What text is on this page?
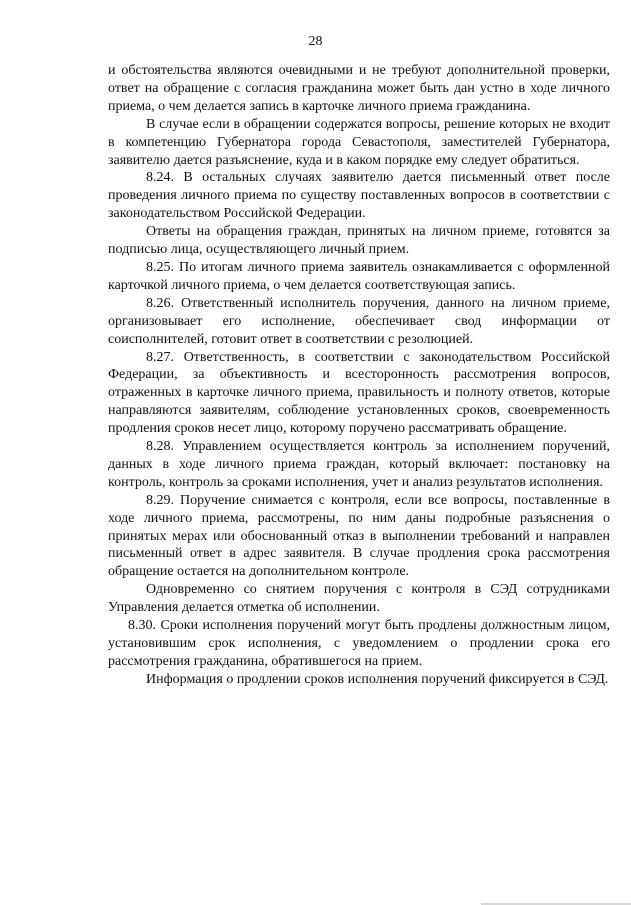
28

и обстоятельства являются очевидными и не требуют дополнительной проверки, ответ на обращение с согласия гражданина может быть дан устно в ходе личного приема, о чем делается запись в карточке личного приема гражданина.

В случае если в обращении содержатся вопросы, решение которых не входит в компетенцию Губернатора города Севастополя, заместителей Губернатора, заявителю дается разъяснение, куда и в каком порядке ему следует обратиться.

8.24. В остальных случаях заявителю дается письменный ответ после проведения личного приема по существу поставленных вопросов в соответствии с законодательством Российской Федерации.

Ответы на обращения граждан, принятых на личном приеме, готовятся за подписью лица, осуществляющего личный прием.

8.25. По итогам личного приема заявитель ознакамливается с оформленной карточкой личного приема, о чем делается соответствующая запись.

8.26. Ответственный исполнитель поручения, данного на личном приеме, организовывает его исполнение, обеспечивает свод информации от соисполнителей, готовит ответ в соответствии с резолюцией.

8.27. Ответственность, в соответствии с законодательством Российской Федерации, за объективность и всесторонность рассмотрения вопросов, отраженных в карточке личного приема, правильность и полноту ответов, которые направляются заявителям, соблюдение установленных сроков, своевременность продления сроков несет лицо, которому поручено рассматривать обращение.

8.28. Управлением осуществляется контроль за исполнением поручений, данных в ходе личного приема граждан, который включает: постановку на контроль, контроль за сроками исполнения, учет и анализ результатов исполнения.

8.29. Поручение снимается с контроля, если все вопросы, поставленные в ходе личного приема, рассмотрены, по ним даны подробные разъяснения о принятых мерах или обоснованный отказ в выполнении требований и направлен письменный ответ в адрес заявителя. В случае продления срока рассмотрения обращение остается на дополнительном контроле.

Одновременно со снятием поручения с контроля в СЭД сотрудниками Управления делается отметка об исполнении.

8.30. Сроки исполнения поручений могут быть продлены должностным лицом, установившим срок исполнения, с уведомлением о продлении срока его рассмотрения гражданина, обратившегося на прием.

Информация о продлении сроков исполнения поручений фиксируется в СЭД.
